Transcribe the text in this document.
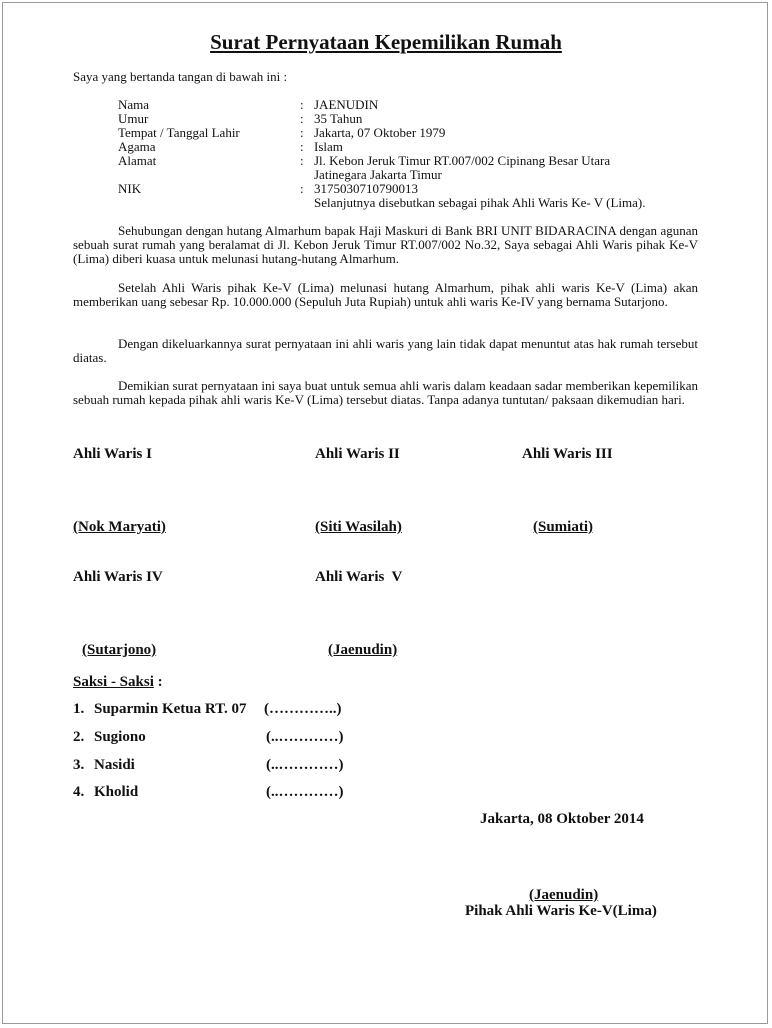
Surat Pernyataan Kepemilikan Rumah
Saya yang bertanda tangan di bawah ini :
Nama	: JAENUDIN
Umur	: 35 Tahun
Tempat / Tanggal Lahir	: Jakarta, 07 Oktober 1979
Agama	: Islam
Alamat	: Jl. Kebon Jeruk Timur RT.007/002 Cipinang Besar Utara
Jatinegara Jakarta Timur
NIK	: 3175030710790013
Selanjutnya disebutkan sebagai pihak Ahli Waris Ke- V (Lima).

Sehubungan dengan hutang Almarhum bapak Haji Maskuri di Bank BRI UNIT BIDARACINA dengan agunan sebuah surat rumah yang beralamat di Jl. Kebon Jeruk Timur RT.007/002 No.32, Saya sebagai Ahli Waris pihak Ke-V (Lima) diberi kuasa untuk melunasi hutang-hutang Almarhum.

Setelah Ahli Waris pihak Ke-V (Lima) melunasi hutang Almarhum, pihak ahli waris Ke-V (Lima) akan memberikan uang sebesar Rp. 10.000.000 (Sepuluh Juta Rupiah) untuk ahli waris Ke-IV yang bernama Sutarjono.

Dengan dikeluarkannya surat pernyataan ini ahli waris yang lain tidak dapat menuntut atas hak rumah tersebut diatas.

Demikian surat pernyataan ini saya buat untuk semua ahli waris dalam keadaan sadar memberikan kepemilikan sebuah rumah kepada pihak ahli waris Ke-V (Lima) tersebut diatas. Tanpa adanya tuntutan/ paksaan dikemudian hari.

Ahli Waris I	Ahli Waris II	Ahli Waris III
(Nok Maryati)	(Siti Wasilah)	(Sumiati)
Ahli Waris IV	Ahli Waris  V
(Sutarjono)	(Jaenudin)
Saksi - Saksi :
1. Suparmin Ketua RT. 07 (…………..)
2. Sugiono	(..…………)
3. Nasidi	(..…………)
4. Kholid	(..…………)
Jakarta, 08 Oktober 2014
(Jaenudin)
Pihak Ahli Waris Ke-V(Lima)
